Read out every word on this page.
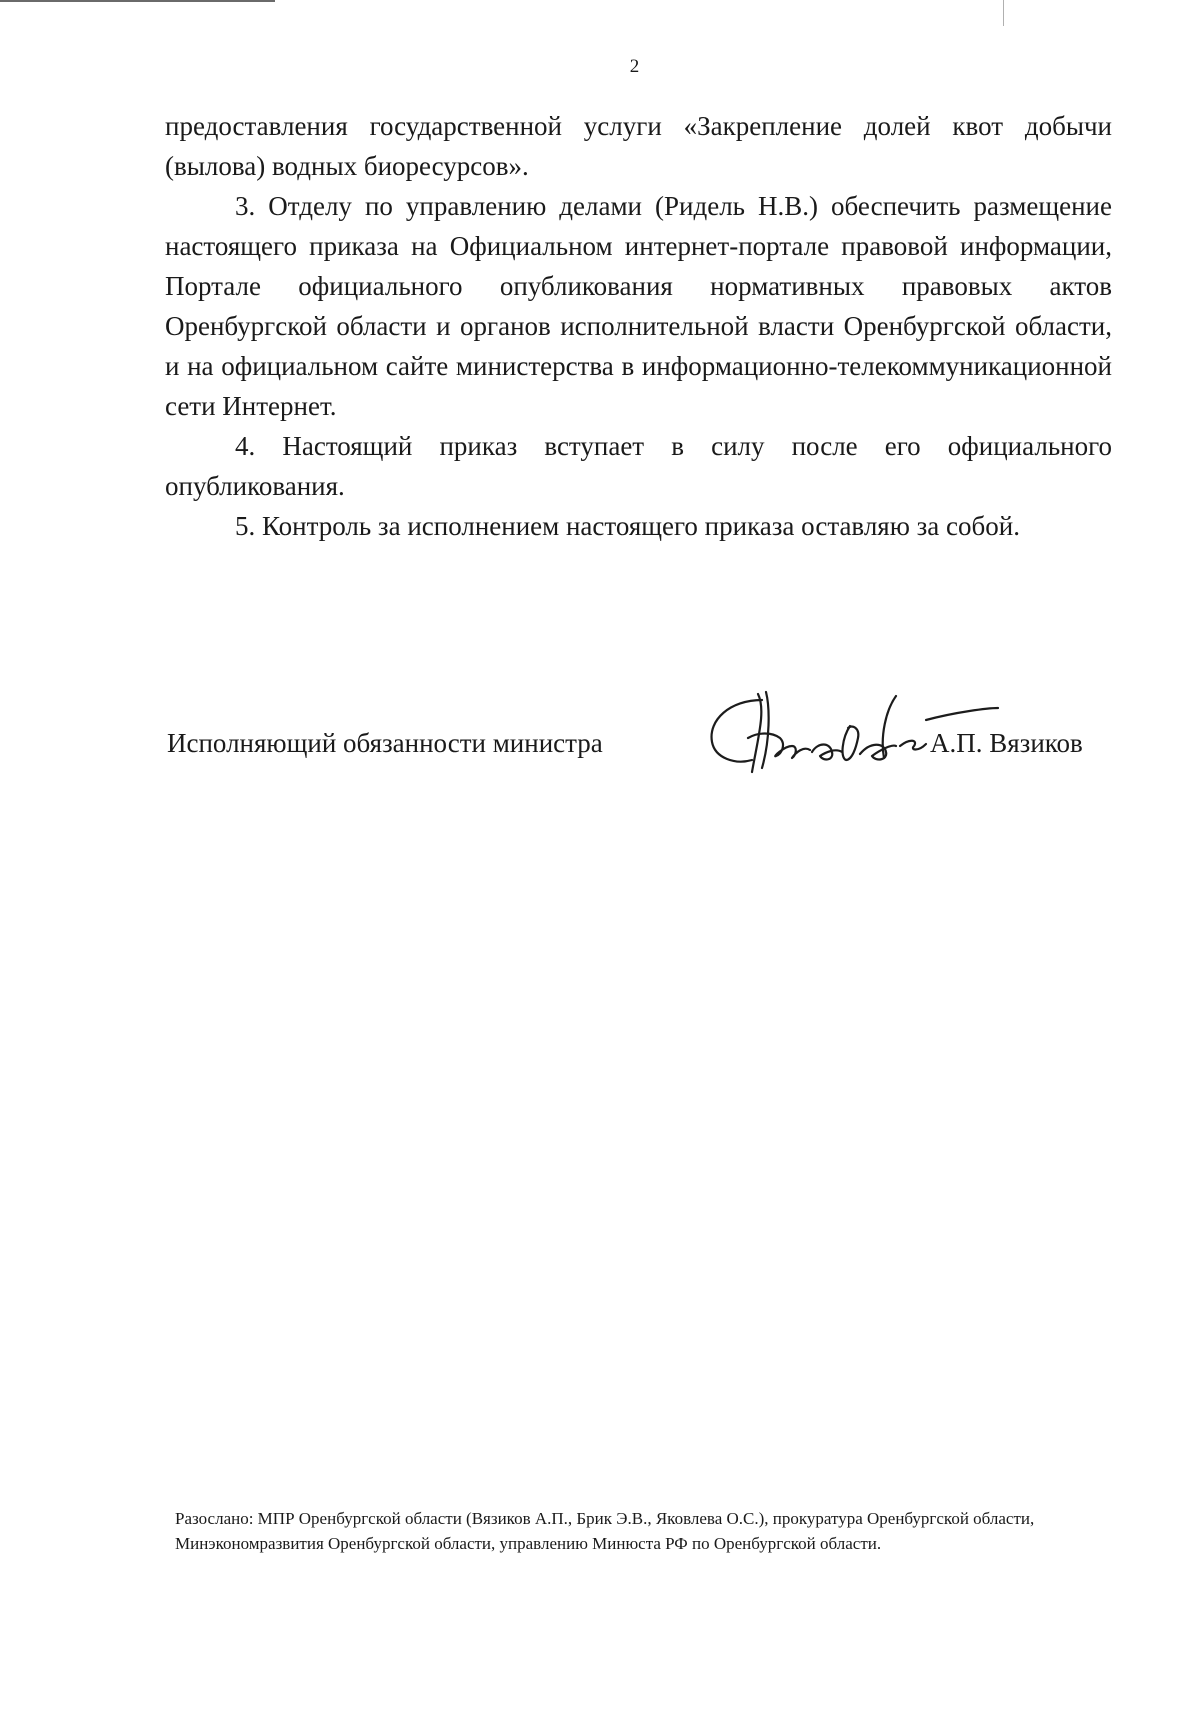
2

предоставления государственной услуги «Закрепление долей квот добычи (вылова) водных биоресурсов».

3. Отделу по управлению делами (Ридель Н.В.) обеспечить размещение настоящего приказа на Официальном интернет-портале правовой информации, Портале официального опубликования нормативных правовых актов Оренбургской области и органов исполнительной власти Оренбургской области, и на официальном сайте министерства в информационно-телекоммуникационной сети Интернет.

4. Настоящий приказ вступает в силу после его официального опубликования.

5. Контроль за исполнением настоящего приказа оставляю за собой.

Исполняющий обязанности министра	А.П. Вязиков
Разослано: МПР Оренбургской области (Вязиков А.П., Брик Э.В., Яковлева О.С.), прокуратура Оренбургской области, Минэкономразвития Оренбургской области, управлению Минюста РФ по Оренбургской области.
